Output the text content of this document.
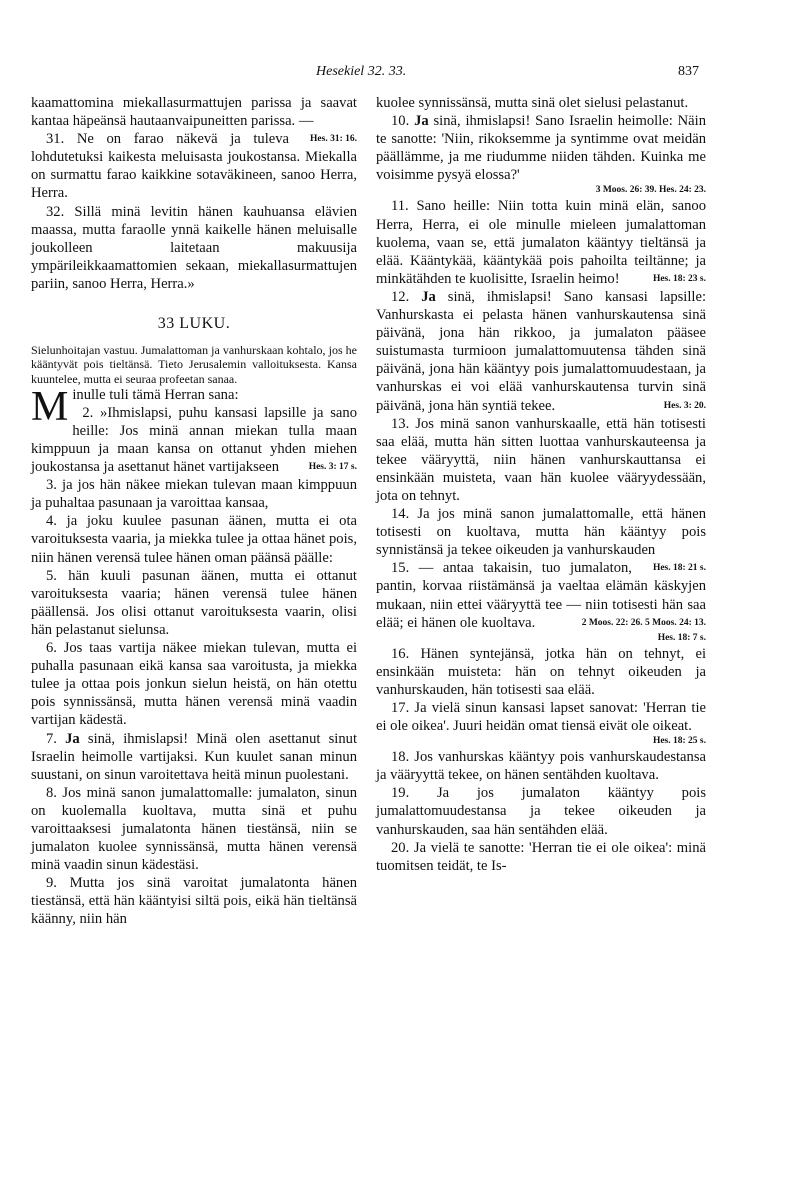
Hesekiel 32. 33.	837

kaamattomina miekallasurmattujen parissa ja saavat kantaa häpeänsä hautaanvaipuneitten parissa. —

Hes. 31: 16.
31. Ne on farao näkevä ja tuleva lohdutetuksi kaikesta meluisasta joukostansa. Miekalla on surmattu farao kaikkine sotaväkineen, sanoo Herra, Herra.

32. Sillä minä levitin hänen kauhuansa elävien maassa, mutta faraolle ynnä kaikelle hänen meluisalle joukolleen laitetaan makuusija ympärileikkaamattomien sekaan, miekallasurmattujen pariin, sanoo Herra, Herra.»

33 LUKU.

Sielunhoitajan vastuu. Jumalattoman ja vanhurskaan kohtalo, jos he kääntyvät pois tieltänsä. Tieto Jerusalemin valloituksesta. Kansa kuuntelee, mutta ei seuraa profeetan sanaa.

Minulle tuli tämä Herran sana:
2. »Ihmislapsi, puhu kansasi lapsille ja sano heille: Jos minä annan miekan tulla maan kimppuun ja maan kansa on ottanut yhden miehen joukostansa ja asettanut hänet vartijakseen	Hes. 3: 17 s.

3. ja jos hän näkee miekan tulevan maan kimppuun ja puhaltaa pasunaan ja varoittaa kansaa,

4. ja joku kuulee pasunan äänen, mutta ei ota varoituksesta vaaria, ja miekka tulee ja ottaa hänet pois, niin hänen verensä tulee hänen oman päänsä päälle:

5. hän kuuli pasunan äänen, mutta ei ottanut varoituksesta vaaria; hänen verensä tulee hänen päällensä. Jos olisi ottanut varoituksesta vaarin, olisi hän pelastanut sielunsa.

6. Jos taas vartija näkee miekan tulevan, mutta ei puhalla pasunaan eikä kansa saa varoitusta, ja miekka tulee ja ottaa pois jonkun sielun heistä, on hän otettu pois synnissänsä, mutta hänen verensä minä vaadin vartijan kädestä.

7. Ja sinä, ihmislapsi! Minä olen asettanut sinut Israelin heimolle vartijaksi. Kun kuulet sanan minun suustani, on sinun varoitettava heitä minun puolestani.

8. Jos minä sanon jumalattomalle: jumalaton, sinun on kuolemalla kuoltava, mutta sinä et puhu varoittaaksesi jumalatonta hänen tiestänsä, niin se jumalaton kuolee synnissänsä, mutta hänen verensä minä vaadin sinun kädestäsi.

9. Mutta jos sinä varoitat jumalatonta hänen tiestänsä, että hän kääntyisi siltä pois, eikä hän tieltänsä käänny, niin hän

kuolee synnissänsä, mutta sinä olet sielusi pelastanut.

10. Ja sinä, ihmislapsi! Sano Israelin heimolle: Näin te sanotte: 'Niin, rikoksemme ja syntimme ovat meidän päällämme, ja me riudumme niiden tähden. Kuinka me voisimme pysyä elossa?'

3 Moos. 26: 39. Hes. 24: 23.

11. Sano heille: Niin totta kuin minä elän, sanoo Herra, Herra, ei ole minulle mieleen jumalattoman kuolema, vaan se, että jumalaton kääntyy tieltänsä ja elää. Kääntykää, kääntykää pois pahoilta teiltänne; ja minkätähden te kuolisitte, Israelin heimo!	Hes. 18: 23 s.

12. Ja sinä, ihmislapsi! Sano kansasi lapsille: Vanhurskasta ei pelasta hänen vanhurskautensa sinä päivänä, jona hän rikkoo, ja jumalaton pääsee suistumasta turmioon jumalattomuutensa tähden sinä päivänä, jona hän kääntyy pois jumalattomuudestaan, ja vanhurskas ei voi elää vanhurskautensa turvin sinä päivänä, jona hän syntiä tekee.	Hes. 3: 20.

13. Jos minä sanon vanhurskaalle, että hän totisesti saa elää, mutta hän sitten luottaa vanhurskauteensa ja tekee vääryyttä, niin hänen vanhurskauttansa ei ensinkään muisteta, vaan hän kuolee vääryydessään, jota on tehnyt.

14. Ja jos minä sanon jumalattomalle, että hänen totisesti on kuoltava, mutta hän kääntyy pois synnistänsä ja tekee oikeuden ja vanhurskauden
Hes. 18: 21 s.

15. — antaa takaisin, tuo jumalaton, pantin, korvaa riistämänsä ja vaeltaa elämän käskyjen mukaan, niin ettei vääryyttä tee — niin totisesti hän saa elää; ei hänen ole kuoltava.	2 Moos. 22: 26. 5 Moos. 24: 13.

Hes. 18: 7 s.

16. Hänen syntejänsä, jotka hän on tehnyt, ei ensinkään muisteta: hän on tehnyt oikeuden ja vanhurskauden, hän totisesti saa elää.

17. Ja vielä sinun kansasi lapset sanovat: 'Herran tie ei ole oikea'. Juuri heidän omat tiensä eivät ole oikeat.

Hes. 18: 25 s.

18. Jos vanhurskas kääntyy pois vanhurskaudestansa ja vääryyttä tekee, on hänen sentähden kuoltava.

19. Ja jos jumalaton kääntyy pois jumalattomuudestansa ja tekee oikeuden ja vanhurskauden, saa hän sentähden elää.

20. Ja vielä te sanotte: 'Herran tie ei ole oikea': minä tuomitsen teidät, te Is-
